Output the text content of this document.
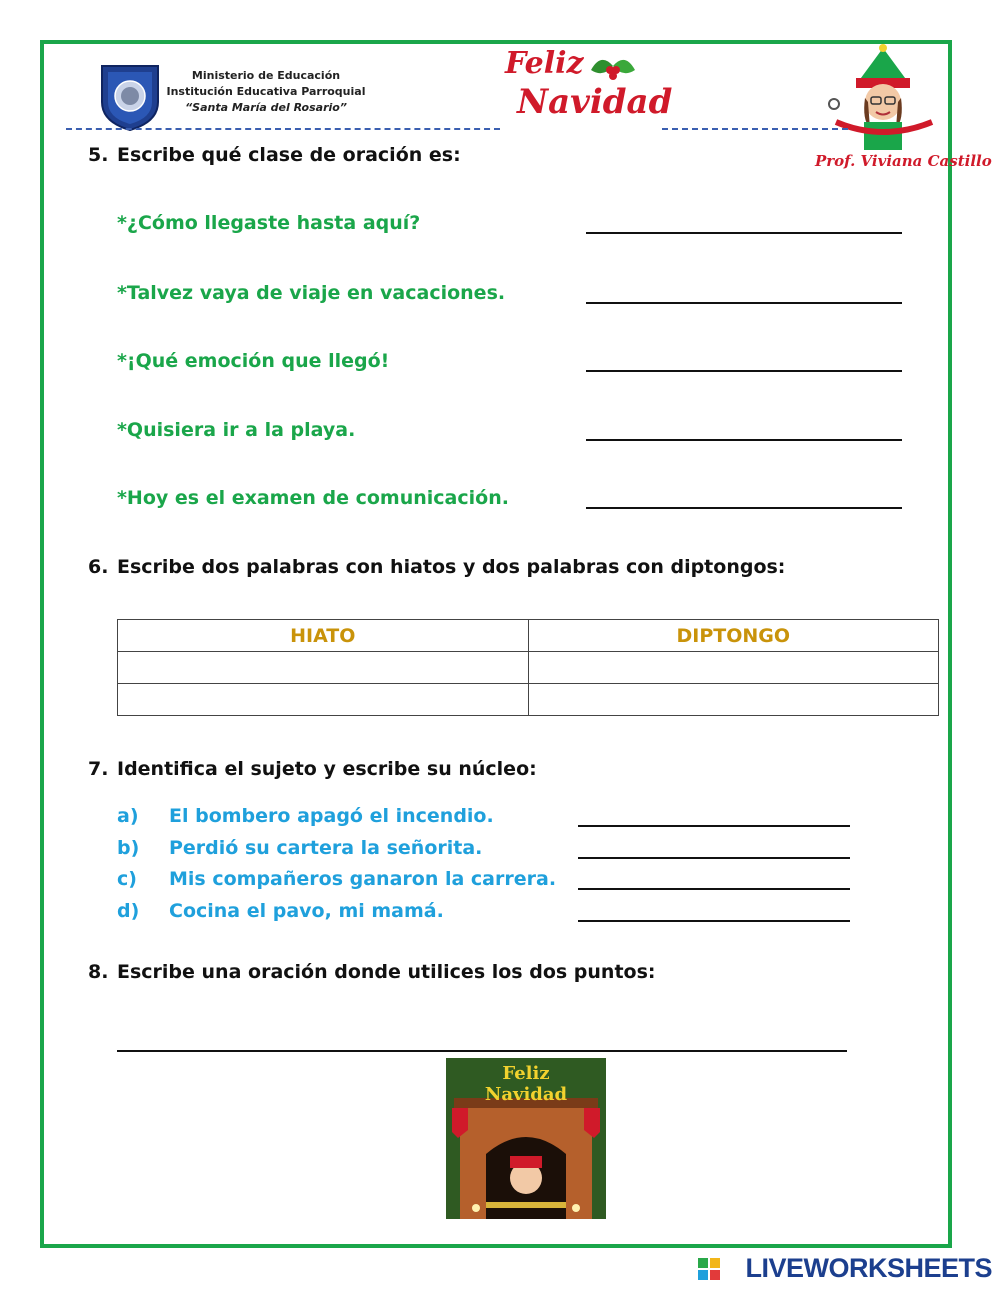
Ministerio de Educación
Institución Educativa Parroquial
“Santa María del Rosario”
Feliz
Navidad
Prof. Viviana Castillo
5. Escribe qué clase de oración es:
*¿Cómo llegaste hasta aquí?
*Talvez vaya de viaje en vacaciones.
*¡Qué emoción que llegó!
*Quisiera ir a la playa.
*Hoy es el examen de comunicación.
6. Escribe dos palabras con hiatos y dos palabras con diptongos:
HIATO	DIPTONGO

7. Identifica el sujeto y escribe su núcleo:
a) El bombero apagó el incendio.
b) Perdió su cartera la señorita.
c) Mis compañeros ganaron la carrera.
d) Cocina el pavo, mi mamá.
8. Escribe una oración donde utilices los dos puntos:
Feliz
Navidad
LIVEWORKSHEETS
